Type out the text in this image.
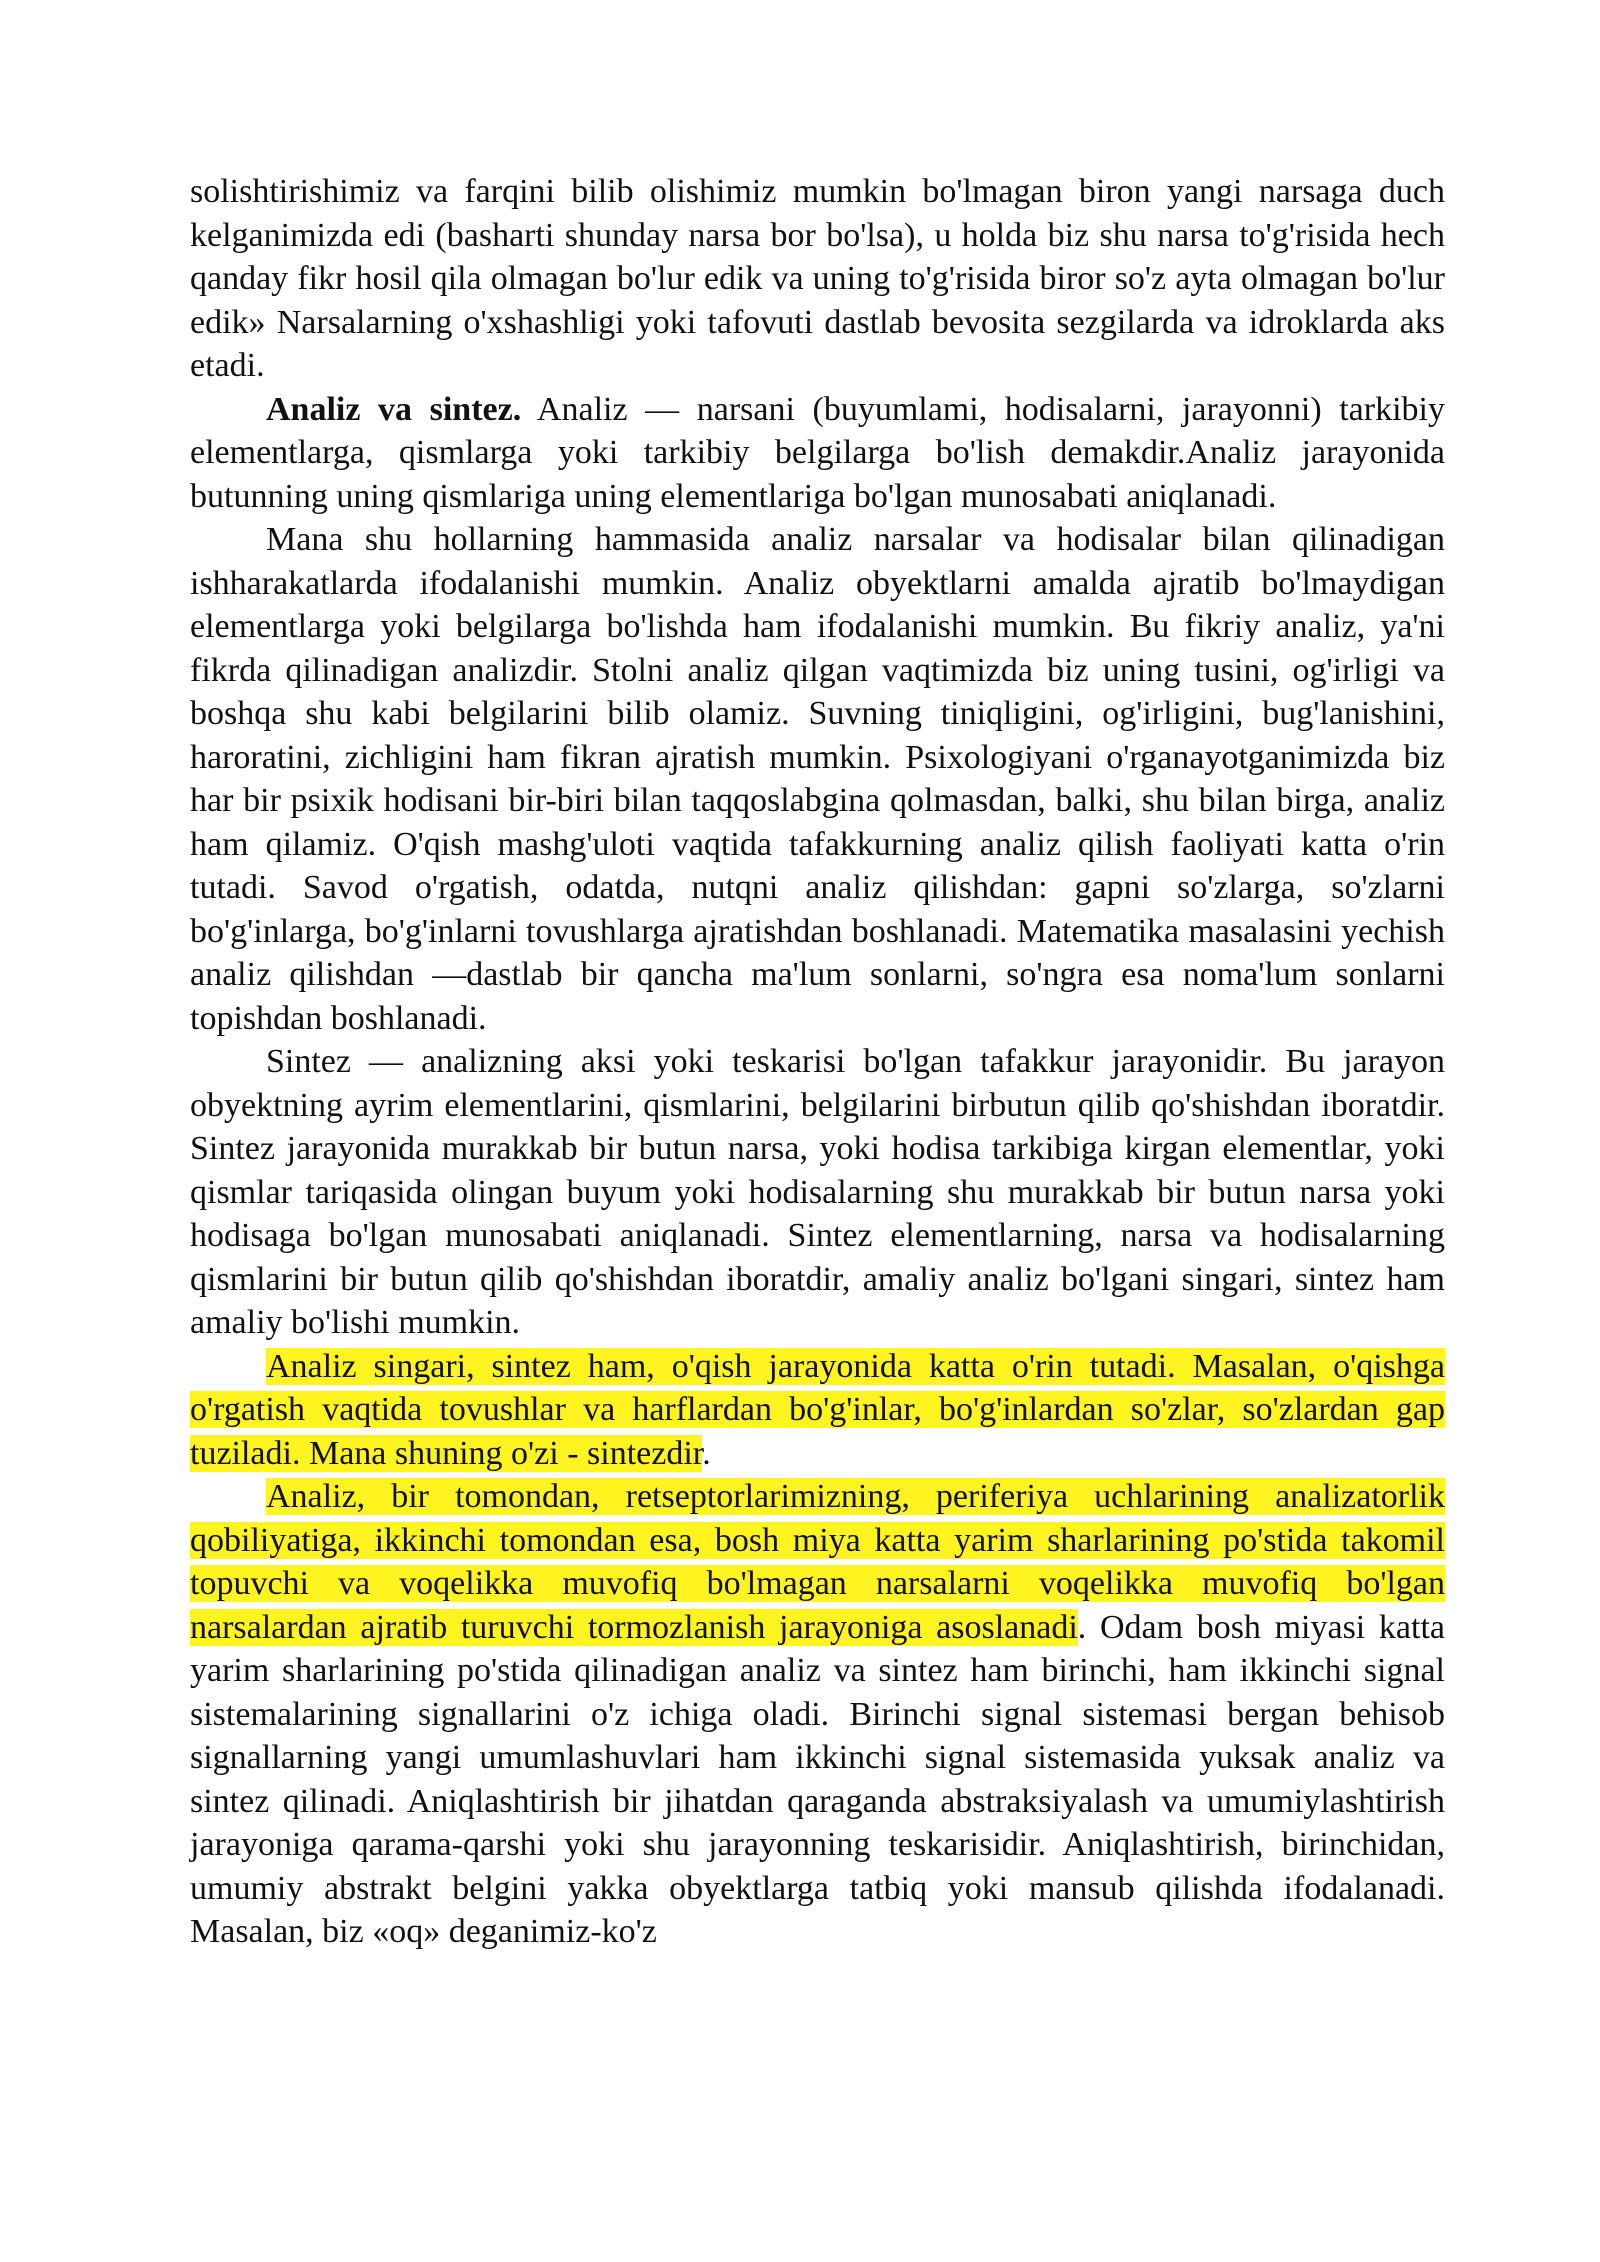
solishtirishimiz va farqini bilib olishimiz mumkin bo'lmagan biron yangi narsaga duch kelganimizda edi (basharti shunday narsa bor bo'lsa), u holda biz shu narsa to'g'risida hech qanday fikr hosil qila olmagan bo'lur edik va uning to'g'risida biror so'z ayta olmagan bo'lur edik» Narsalarning o'xshashligi yoki tafovuti dastlab bevosita sezgilarda va idroklarda aks etadi.

Analiz va sintez. Analiz — narsani (buyumlami, hodisalarni, jarayonni) tarkibiy elementlarga, qismlarga yoki tarkibiy belgilarga bo'lish demakdir.Analiz jarayonida butunning uning qismlariga uning elementlariga bo'lgan munosabati aniqlanadi.

Mana shu hollarning hammasida analiz narsalar va hodisalar bilan qilinadigan ishharakatlarda ifodalanishi mumkin. Analiz obyektlarni amalda ajratib bo'lmaydigan elementlarga yoki belgilarga bo'lishda ham ifodalanishi mumkin. Bu fikriy analiz, ya'ni fikrda qilinadigan analizdir. Stolni analiz qilgan vaqtimizda biz uning tusini, og'irligi va boshqa shu kabi belgilarini bilib olamiz. Suvning tiniqligini, og'irligini, bug'lanishini, haroratini, zichligini ham fikran ajratish mumkin. Psixologiyani o'rganayotganimizda biz har bir psixik hodisani bir-biri bilan taqqoslabgina qolmasdan, balki, shu bilan birga, analiz ham qilamiz. O'qish mashg'uloti vaqtida tafakkurning analiz qilish faoliyati katta o'rin tutadi. Savod o'rgatish, odatda, nutqni analiz qilishdan: gapni so'zlarga, so'zlarni bo'g'inlarga, bo'g'inlarni tovushlarga ajratishdan boshlanadi. Matematika masalasini yechish analiz qilishdan —dastlab bir qancha ma'lum sonlarni, so'ngra esa noma'lum sonlarni topishdan boshlanadi.

Sintez — analizning aksi yoki teskarisi bo'lgan tafakkur jarayonidir. Bu jarayon obyektning ayrim elementlarini, qismlarini, belgilarini birbutun qilib qo'shishdan iboratdir. Sintez jarayonida murakkab bir butun narsa, yoki hodisa tarkibiga kirgan elementlar, yoki qismlar tariqasida olingan buyum yoki hodisalarning shu murakkab bir butun narsa yoki hodisaga bo'lgan munosabati aniqlanadi. Sintez elementlarning, narsa va hodisalarning qismlarini bir butun qilib qo'shishdan iboratdir, amaliy analiz bo'lgani singari, sintez ham amaliy bo'lishi mumkin.

Analiz singari, sintez ham, o'qish jarayonida katta o'rin tutadi. Masalan, o'qishga o'rgatish vaqtida tovushlar va harflardan bo'g'inlar, bo'g'inlardan so'zlar, so'zlardan gap tuziladi. Mana shuning o'zi - sintezdir.

Analiz, bir tomondan, retseptorlarimizning, periferiya uchlarining analizatorlik qobiliyatiga, ikkinchi tomondan esa, bosh miya katta yarim sharlarining po'stida takomil topuvchi va voqelikka muvofiq bo'lmagan narsalarni voqelikka muvofiq bo'lgan narsalardan ajratib turuvchi tormozlanish jarayoniga asoslanadi. Odam bosh miyasi katta yarim sharlarining po'stida qilinadigan analiz va sintez ham birinchi, ham ikkinchi signal sistemalarining signallarini o'z ichiga oladi. Birinchi signal sistemasi bergan behisob signallarning yangi umumlashuvlari ham ikkinchi signal sistemasida yuksak analiz va sintez qilinadi. Aniqlashtirish bir jihatdan qaraganda abstraksiyalash va umumiylashtirish jarayoniga qarama-qarshi yoki shu jarayonning teskarisidir. Aniqlashtirish, birinchidan, umumiy abstrakt belgini yakka obyektlarga tatbiq yoki mansub qilishda ifodalanadi. Masalan, biz «oq» deganimiz-ko'z
